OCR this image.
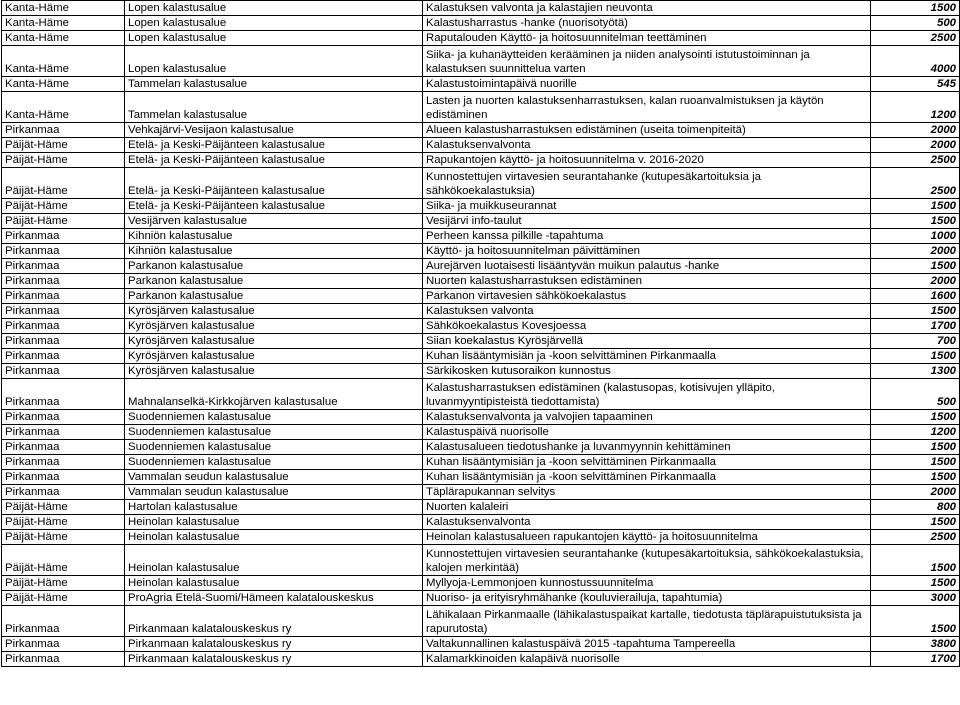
Kanta-Häme	Lopen kalastusalue	Kalastuksen valvonta ja kalastajien neuvonta	1500
Kanta-Häme	Lopen kalastusalue	Kalastusharrastus -hanke (nuorisotyötä)	500
Kanta-Häme	Lopen kalastusalue	Raputalouden Käyttö- ja hoitosuunnitelman teettäminen	2500
Kanta-Häme	Lopen kalastusalue	Siika- ja kuhanäytteiden kerääminen ja niiden analysointi istutustoiminnan ja kalastuksen suunnittelua varten	4000
Kanta-Häme	Tammelan kalastusalue	Kalastustoimintapäivä nuorille	545
Kanta-Häme	Tammelan kalastusalue	Lasten ja nuorten kalastuksenharrastuksen, kalan ruoanvalmistuksen ja käytön edistäminen	1200
Pirkanmaa	Vehkajärvi-Vesijaon kalastusalue	Alueen kalastusharrastuksen edistäminen (useita toimenpiteitä)	2000
Päijät-Häme	Etelä- ja Keski-Päijänteen kalastusalue	Kalastuksenvalvonta	2000
Päijät-Häme	Etelä- ja Keski-Päijänteen kalastusalue	Rapukantojen käyttö- ja hoitosuunnitelma v. 2016-2020	2500
Päijät-Häme	Etelä- ja Keski-Päijänteen kalastusalue	Kunnostettujen virtavesien seurantahanke (kutupesäkartoituksia ja sähkökoekalastuksia)	2500
Päijät-Häme	Etelä- ja Keski-Päijänteen kalastusalue	Siika- ja muikkuseurannat	1500
Päijät-Häme	Vesijärven kalastusalue	Vesijärvi info-taulut	1500
Pirkanmaa	Kihniön kalastusalue	Perheen kanssa pilkille -tapahtuma	1000
Pirkanmaa	Kihniön kalastusalue	Käyttö- ja hoitosuunnitelman päivittäminen	2000
Pirkanmaa	Parkanon kalastusalue	Aurejärven luotaisesti lisääntyvän muikun palautus -hanke	1500
Pirkanmaa	Parkanon kalastusalue	Nuorten kalastusharrastuksen edistäminen	2000
Pirkanmaa	Parkanon kalastusalue	Parkanon virtavesien sähkökoekalastus	1600
Pirkanmaa	Kyrösjärven kalastusalue	Kalastuksen valvonta	1500
Pirkanmaa	Kyrösjärven kalastusalue	Sähkökoekalastus Kovesjoessa	1700
Pirkanmaa	Kyrösjärven kalastusalue	Siian koekalastus Kyrösjärvellä	700
Pirkanmaa	Kyrösjärven kalastusalue	Kuhan lisääntymisiän ja -koon selvittäminen Pirkanmaalla	1500
Pirkanmaa	Kyrösjärven kalastusalue	Särkikosken kutusoraikon kunnostus	1300
Pirkanmaa	Mahnalanselkä-Kirkkojärven kalastusalue	Kalastusharrastuksen edistäminen (kalastusopas, kotisivujen ylläpito, luvanmyyntipisteistä tiedottamista)	500
Pirkanmaa	Suodenniemen kalastusalue	Kalastuksenvalvonta ja valvojien tapaaminen	1500
Pirkanmaa	Suodenniemen kalastusalue	Kalastuspäivä nuorisolle	1200
Pirkanmaa	Suodenniemen kalastusalue	Kalastusalueen tiedotushanke ja luvanmyynnin kehittäminen	1500
Pirkanmaa	Suodenniemen kalastusalue	Kuhan lisääntymisiän ja -koon selvittäminen Pirkanmaalla	1500
Pirkanmaa	Vammalan seudun kalastusalue	Kuhan lisääntymisiän ja -koon selvittäminen Pirkanmaalla	1500
Pirkanmaa	Vammalan seudun kalastusalue	Täplärapukannan selvitys	2000
Päijät-Häme	Hartolan kalastusalue	Nuorten kalaleiri	800
Päijät-Häme	Heinolan kalastusalue	Kalastuksenvalvonta	1500
Päijät-Häme	Heinolan kalastusalue	Heinolan kalastusalueen rapukantojen käyttö- ja hoitosuunnitelma	2500
Päijät-Häme	Heinolan kalastusalue	Kunnostettujen virtavesien seurantahanke (kutupesäkartoituksia, sähkökoekalastuksia, kalojen merkintää)	1500
Päijät-Häme	Heinolan kalastusalue	Myllyoja-Lemmonjoen kunnostussuunnitelma	1500
Päijät-Häme	ProAgria Etelä-Suomi/Hämeen kalatalouskeskus	Nuoriso- ja erityisryhmähanke (kouluvierailuja, tapahtumia)	3000
Pirkanmaa	Pirkanmaan kalatalouskeskus ry	Lähikalaan Pirkanmaalle (lähikalastuspaikat kartalle, tiedotusta täplärapuistutuksista ja rapurutosta)	1500
Pirkanmaa	Pirkanmaan kalatalouskeskus ry	Valtakunnallinen kalastuspäivä 2015 -tapahtuma Tampereella	3800
Pirkanmaa	Pirkanmaan kalatalouskeskus ry	Kalamarkkinoiden kalapäivä nuorisolle	1700
